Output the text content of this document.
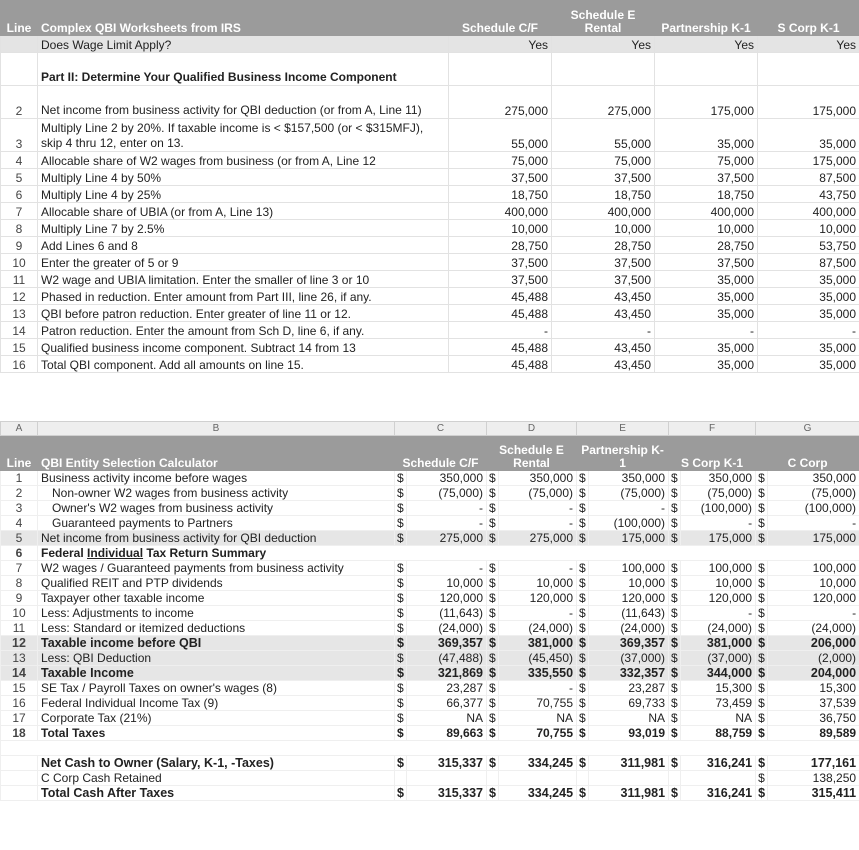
Line	Complex QBI Worksheets from IRS	Schedule C/F	Schedule E Rental	Partnership K-1	S Corp K-1
	Does Wage Limit Apply?	Yes	Yes	Yes	Yes
	Part II: Determine Your Qualified Business Income Component				
2	Net income from business activity for QBI deduction (or from A, Line 11)	275,000	275,000	175,000	175,000
3	Multiply Line 2 by 20%. If taxable income is < $157,500 (or < $315MFJ), skip 4 thru 12, enter on 13.	55,000	55,000	35,000	35,000
4	Allocable share of W2 wages from business (or from A, Line 12	75,000	75,000	75,000	175,000
5	Multiply Line 4 by 50%	37,500	37,500	37,500	87,500
6	Multiply Line 4 by 25%	18,750	18,750	18,750	43,750
7	Allocable share of UBIA (or from A, Line 13)	400,000	400,000	400,000	400,000
8	Multiply Line 7 by 2.5%	10,000	10,000	10,000	10,000
9	Add Lines 6 and 8	28,750	28,750	28,750	53,750
10	Enter the greater of 5 or 9	37,500	37,500	37,500	87,500
11	W2 wage and UBIA limitation. Enter the smaller of line 3 or 10	37,500	37,500	35,000	35,000
12	Phased in reduction. Enter amount from Part III, line 26, if any.	45,488	43,450	35,000	35,000
13	QBI before patron reduction. Enter greater of line 11 or 12.	45,488	43,450	35,000	35,000
14	Patron reduction. Enter the amount from Sch D, line 6, if any.	-	-	-	-
15	Qualified business income component. Subtract 14 from 13	45,488	43,450	35,000	35,000
16	Total QBI component. Add all amounts on line 15.	45,488	43,450	35,000	35,000
A	B	C		D		E		F		G	
Line	QBI Entity Selection Calculator	Schedule C/F		Schedule E Rental		Partnership K-1		S Corp K-1		C Corp	
1	Business activity income before wages	$	350,000	$	350,000	$	350,000	$	350,000	$	350,000
2	Non-owner W2 wages from business activity	$	(75,000)	$	(75,000)	$	(75,000)	$	(75,000)	$	(75,000)
3	Owner's W2 wages from business activity	$	-	$	-	$	-	$	(100,000)	$	(100,000)
4	Guaranteed payments to Partners	$	-	$	-	$	(100,000)	$	-	$	-
5	Net income from business activity for QBI deduction	$	275,000	$	275,000	$	175,000	$	175,000	$	175,000
6	Federal Individual Tax Return Summary										
7	W2 wages / Guaranteed payments from business activity	$	-	$	-	$	100,000	$	100,000	$	100,000
8	Qualified REIT and PTP dividends	$	10,000	$	10,000	$	10,000	$	10,000	$	10,000
9	Taxpayer other taxable income	$	120,000	$	120,000	$	120,000	$	120,000	$	120,000
10	Less: Adjustments to income	$	(11,643)	$	-	$	(11,643)	$	-	$	-
11	Less: Standard or itemized deductions	$	(24,000)	$	(24,000)	$	(24,000)	$	(24,000)	$	(24,000)
12	Taxable income before QBI	$	369,357	$	381,000	$	369,357	$	381,000	$	206,000
13	Less: QBI Deduction	$	(47,488)	$	(45,450)	$	(37,000)	$	(37,000)	$	(2,000)
14	Taxable Income	$	321,869	$	335,550	$	332,357	$	344,000	$	204,000
15	SE Tax / Payroll Taxes on owner's wages (8)	$	23,287	$	-	$	23,287	$	15,300	$	15,300
16	Federal Individual Income Tax (9)	$	66,377	$	70,755	$	69,733	$	73,459	$	37,539
17	Corporate Tax (21%)	$	NA	$	NA	$	NA	$	NA	$	36,750
18	Total Taxes	$	89,663	$	70,755	$	93,019	$	88,759	$	89,589

	Net Cash to Owner (Salary, K-1, -Taxes)	$	315,337	$	334,245	$	311,981	$	316,241	$	177,161
	C Corp Cash Retained									$	138,250
	Total Cash After Taxes	$	315,337	$	334,245	$	311,981	$	316,241	$	315,411
